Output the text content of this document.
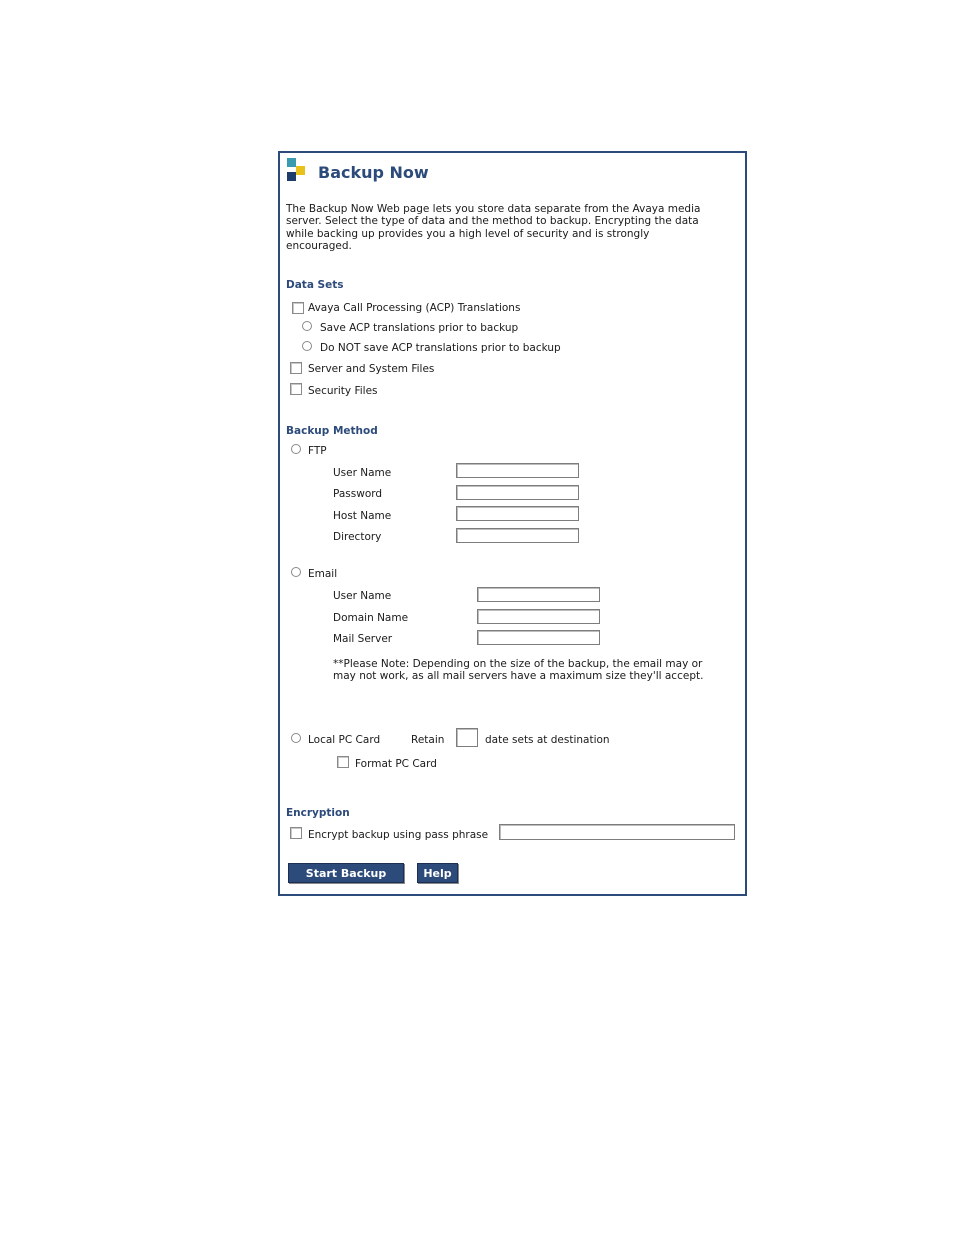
Backup Now
The Backup Now Web page lets you store data separate from the Avaya media server. Select the type of data and the method to backup. Encrypting the data while backing up provides you a high level of security and is strongly encouraged.
Data Sets
Avaya Call Processing (ACP) Translations
Save ACP translations prior to backup
Do NOT save ACP translations prior to backup
Server and System Files
Security Files
Backup Method
FTP
User Name
Password
Host Name
Directory
Email
User Name
Domain Name
Mail Server
**Please Note: Depending on the size of the backup, the email may or may not work, as all mail servers have a maximum size they'll accept.
Local PC Card	Retain	date sets at destination
Format PC Card
Encryption
Encrypt backup using pass phrase
Start Backup	Help
